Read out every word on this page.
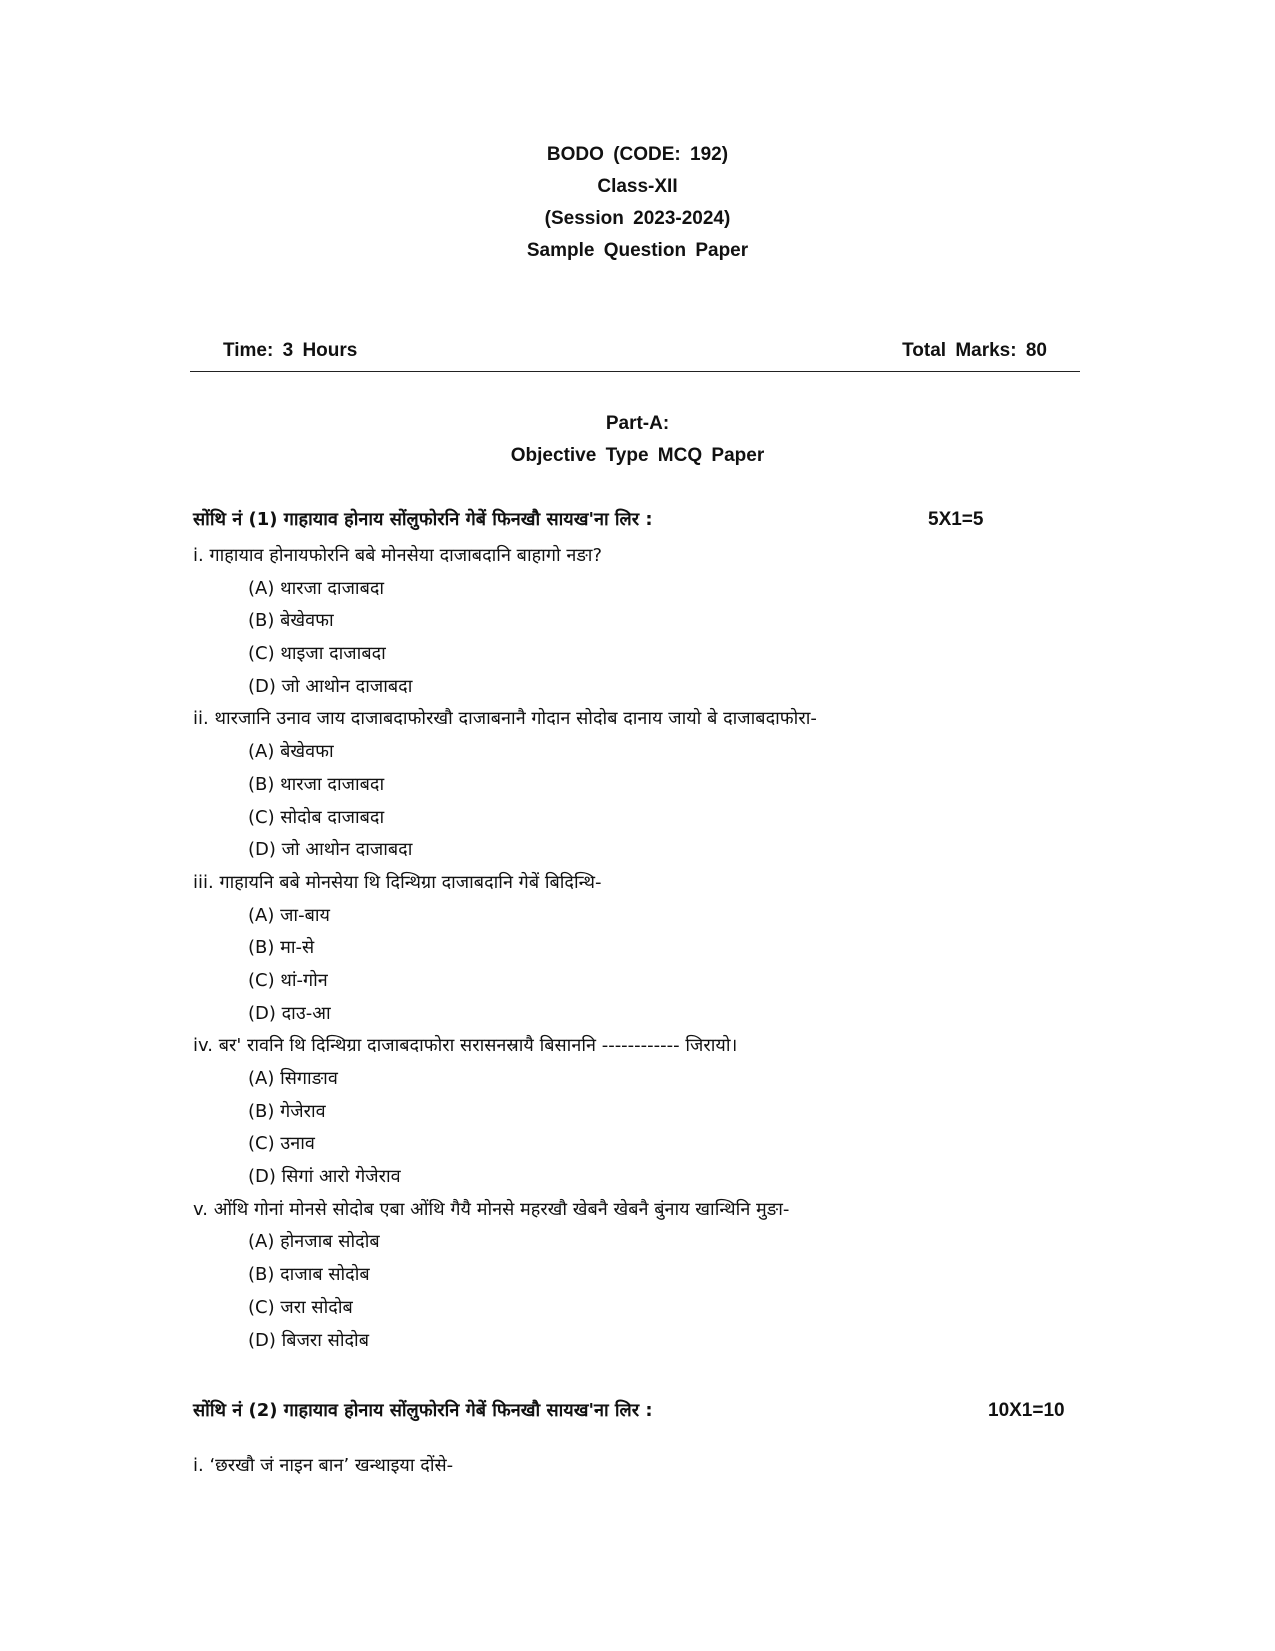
BODO (CODE: 192)
Class-XII
(Session 2023-2024)
Sample Question Paper
Time: 3 Hours	Total Marks: 80
Part-A:
Objective Type MCQ Paper
सोंथि नं (1) गाहायाव होनाय सोंलुफोरनि गेबें फिनखौ सायख'ना लिर :	5X1=5
i. गाहायाव होनायफोरनि बबे मोनसेया दाजाबदानि बाहागो नङा?
(A) थारजा दाजाबदा
(B) बेखेवफा
(C) थाइजा दाजाबदा
(D) जो आथोन दाजाबदा
ii. थारजानि उनाव जाय दाजाबदाफोरखौ दाजाबनानै गोदान सोदोब दानाय जायो बे दाजाबदाफोरा-
(A) बेखेवफा
(B) थारजा दाजाबदा
(C) सोदोब दाजाबदा
(D) जो आथोन दाजाबदा
iii. गाहायनि बबे मोनसेया थि दिन्थिग्रा दाजाबदानि गेबें बिदिन्थि-
(A) जा-बाय
(B) मा-से
(C) थां-गोन
(D) दाउ-आ
iv. बर' रावनि थि दिन्थिग्रा दाजाबदाफोरा सरासनस्रायै बिसाननि ------------ जिरायो।
(A) सिगाङाव
(B) गेजेराव
(C) उनाव
(D) सिगां आरो गेजेराव
v. ओंथि गोनां मोनसे सोदोब एबा ओंथि गैयै मोनसे महरखौ खेबनै खेबनै बुंनाय खान्थिनि मुङा-
(A) होनजाब सोदोब
(B) दाजाब सोदोब
(C) जरा सोदोब
(D) बिजरा सोदोब
सोंथि नं (2) गाहायाव होनाय सोंलुफोरनि गेबें फिनखौ सायख'ना लिर :	10X1=10
i. ‘छरखौ जं नाइन बान’ खन्थाइया दोंसे-
